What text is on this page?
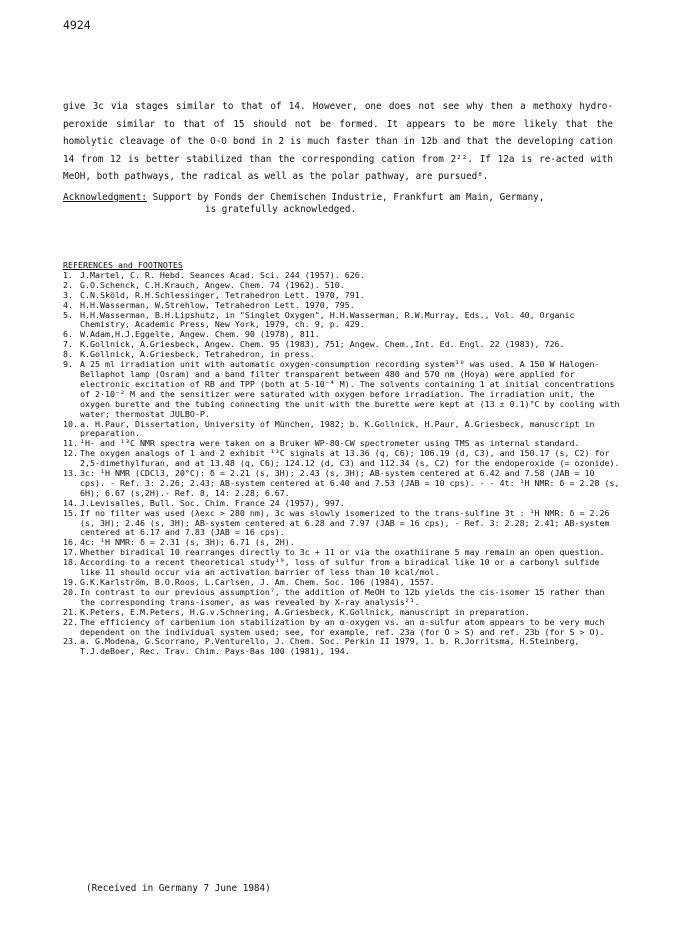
4924

give 3c via stages similar to that of 14. However, one does not see why then a methoxy hydro-peroxide similar to that of 15 should not be formed. It appears to be more likely that the homolytic cleavage of the O-O bond in 2 is much faster than in 12b and that the developing cation 14 from 12 is better stabilized than the corresponding cation from 2²². If 12a is re-acted with MeOH, both pathways, the radical as well as the polar pathway, are pursued⁸.

Acknowledgment: Support by Fonds der Chemischen Industrie, Frankfurt am Main, Germany,
is gratefully acknowledged.

REFERENCES and FOOTNOTES
1. J.Martel, C. R. Hebd. Seances Acad. Sci. 244 (1957). 626.
2. G.O.Schenck, C.H.Krauch, Angew. Chem. 74 (1962). 510.
3. C.N.Sköld, R.H.Schlessinger, Tetrahedron Lett. 1970, 791.
4. H.H.Wasserman, W.Strehlow, Tetrahedron Lett. 1970, 795.
5. H.H.Wasserman, B.H.Lipshutz, in "Singlet Oxygen", H.H.Wasserman, R.W.Murray, Eds., Vol. 40, Organic Chemistry, Academic Press, New York, 1979, ch. 9, p. 429.
6. W.Adam,H.J.Eggelte, Angew. Chem. 90 (1978), 811.
7. K.Gollnick, A.Griesbeck, Angew. Chem. 95 (1983), 751; Angew. Chem.,Int. Ed. Engl. 22 (1983), 726.
8. K.Gollnick, A.Griesbeck, Tetrahedron, in press.
9. A 25 ml irradiation unit with automatic oxygen-consumption recording system¹⁰ was used. A 150 W Halogen-Bellaphot lamp (Osram) and a band filter transparent between 480 and 570 nm (Hoya) were applied for electronic excitation of RB and TPP (both at 5·10⁻⁴ M). The solvents containing 1 at initial concentrations of 2·10⁻² M and the sensitizer were saturated with oxygen before irradiation. The irradiation unit, the oxygen burette and the tubing connecting the unit with the burette were kept at (13 ± 0.1)°C by cooling with water; thermostat JULBO-P.
10. a. H.Paur, Dissertation, University of München, 1982; b. K.Gollnick, H.Paur, A.Griesbeck, manuscript in preparation.
11. ¹H- and ¹³C NMR spectra were taken on a Bruker WP-80-CW spectrometer using TMS as internal standard.
12. The oxygen analogs of 1 and 2 exhibit ¹³C signals at 13.36 (q, C6); 106.19 (d, C3), and 150.17 (s, C2) for 2,5-dimethylfuran, and at 13.48 (q, C6); 124.12 (d, C3) and 112.34 (s, C2) for the endoperoxide (= ozonide).
13. 3c: ¹H NMR (CDCl3, 20°C): δ = 2.21 (s, 3H); 2.43 (s, 3H); AB-system centered at 6.42 and 7.58 (JAB = 10 cps). - Ref. 3: 2.26; 2.43; AB-system centered at 6.40 and 7.53 (JAB = 10 cps). - - 4t: ¹H NMR: δ = 2.28 (s, 6H); 6.67 (s,2H).- Ref. 8, 14: 2.28; 6.67.
14. J.Levisalles, Bull. Soc. Chim. France 24 (1957), 997.
15. If no filter was used (λexc > 280 nm), 3c was slowly isomerized to the trans-sulfine 3t : ¹H NMR: δ = 2.26 (s, 3H); 2.46 (s, 3H); AB-system centered at 6.28 and 7.97 (JAB = 16 cps), - Ref. 3: 2.28; 2.41; AB-system centered at 6.17 and 7.83 (JAB = 16 cps).
16. 4c: ¹H NMR: δ = 2.31 (s, 3H); 6.71 (s, 2H).
17. Whether biradical 10 rearranges directly to 3c + 11 or via the oxathiirane 5 may remain an open question.
18. According to a recent theoretical study¹⁹, loss of sulfur from a biradical like 10 or a carbonyl sulfide like 11 should occur via an activation barrier of less than 10 kcal/mol.
19. G.K.Karlström, B.O.Roos, L.Carlsen, J. Am. Chem. Soc. 106 (1984), 1557.
20. In contrast to our previous assumption⁷, the addition of MeOH to 12b yields the cis-isomer 15 rather than the corresponding trans-isomer, as was revealed by X-ray analysis²¹.
21. K.Peters, E.M.Peters, H.G.v.Schnering, A.Griesbeck, K.Gollnick, manuscript in preparation.
22. The efficiency of carbenium ion stabilization by an α-oxygen vs. an α-sulfur atom appears to be very much dependent on the individual system used; see, for example, ref. 23a (for O > S) and ref. 23b (for S > O).
23. a. G.Modena, G.Scorrano, P.Venturello, J. Chem. Soc. Perkin II 1979, 1. b. R.Jorritsma, H.Steinberg, T.J.deBoer, Rec. Trav. Chim. Pays-Bas 100 (1981), 194.
(Received in Germany 7 June 1984)
